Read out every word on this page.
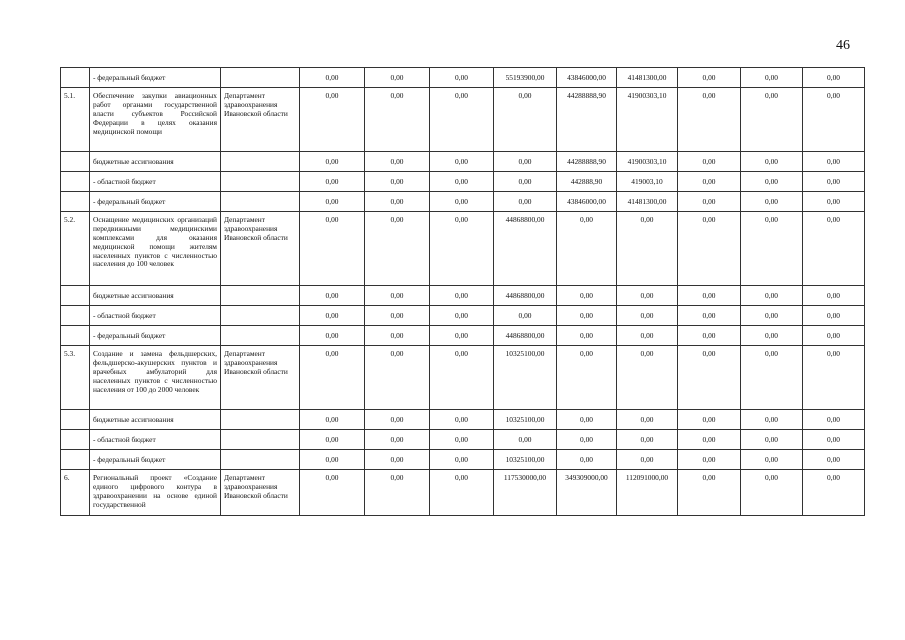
46
	- федеральный бюджет		0,00	0,00	0,00	55193900,00	43846000,00	41481300,00	0,00	0,00	0,00
5.1.	Обеспечение закупки авиационных работ органами государственной власти субъектов Российской Федерации в целях оказания медицинской помощи	Департамент здравоохранения Ивановской области	0,00	0,00	0,00	0,00	44288888,90	41900303,10	0,00	0,00	0,00
	бюджетные ассигнования		0,00	0,00	0,00	0,00	44288888,90	41900303,10	0,00	0,00	0,00
	- областной бюджет		0,00	0,00	0,00	0,00	442888,90	419003,10	0,00	0,00	0,00
	- федеральный бюджет		0,00	0,00	0,00	0,00	43846000,00	41481300,00	0,00	0,00	0,00
5.2.	Оснащение медицинских организаций передвижными медицинскими комплексами для оказания медицинской помощи жителям населенных пунктов с численностью населения до 100 человек	Департамент здравоохранения Ивановской области	0,00	0,00	0,00	44868800,00	0,00	0,00	0,00	0,00	0,00
	бюджетные ассигнования		0,00	0,00	0,00	44868800,00	0,00	0,00	0,00	0,00	0,00
	- областной бюджет		0,00	0,00	0,00	0,00	0,00	0,00	0,00	0,00	0,00
	- федеральный бюджет		0,00	0,00	0,00	44868800,00	0,00	0,00	0,00	0,00	0,00
5.3.	Создание и замена фельдшерских, фельдшерско-акушерских пунктов и врачебных амбулаторий для населенных пунктов с численностью населения от 100 до 2000 человек	Департамент здравоохранения Ивановской области	0,00	0,00	0,00	10325100,00	0,00	0,00	0,00	0,00	0,00
	бюджетные ассигнования		0,00	0,00	0,00	10325100,00	0,00	0,00	0,00	0,00	0,00
	- областной бюджет		0,00	0,00	0,00	0,00	0,00	0,00	0,00	0,00	0,00
	- федеральный бюджет		0,00	0,00	0,00	10325100,00	0,00	0,00	0,00	0,00	0,00
6.	Региональный проект «Создание единого цифрового контура в здравоохранении на основе единой государственной	Департамент здравоохранения Ивановской области	0,00	0,00	0,00	117530000,00	349309000,00	112091000,00	0,00	0,00	0,00
